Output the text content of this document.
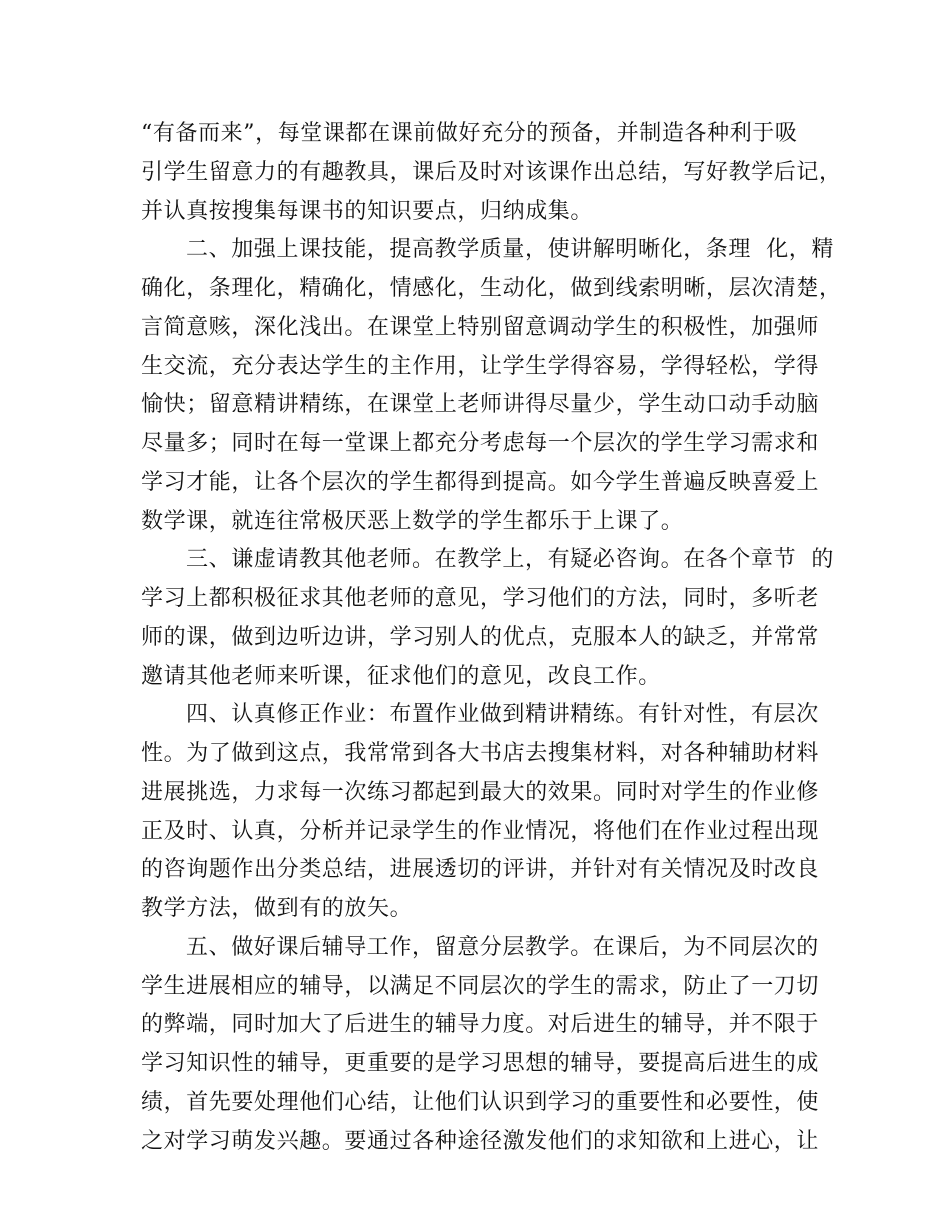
“有备而来”，每堂课都在课前做好充分的预备，并制造各种利于吸
引学生留意力的有趣教具，课后及时对该课作出总结，写好教学后记，
并认真按搜集每课书的知识要点，归纳成集。
二、加强上课技能，提高教学质量，使讲解明晰化，条理  化，精
确化，条理化，精确化，情感化，生动化，做到线索明晰，层次清楚，
言简意赅，深化浅出。在课堂上特别留意调动学生的积极性，加强师
生交流，充分表达学生的主作用，让学生学得容易，学得轻松，学得
愉快；留意精讲精练，在课堂上老师讲得尽量少，学生动口动手动脑
尽量多；同时在每一堂课上都充分考虑每一个层次的学生学习需求和
学习才能，让各个层次的学生都得到提高。如今学生普遍反映喜爱上
数学课，就连往常极厌恶上数学的学生都乐于上课了。
三、谦虚请教其他老师。在教学上，有疑必咨询。在各个章节  的
学习上都积极征求其他老师的意见，学习他们的方法，同时，多听老
师的课，做到边听边讲，学习别人的优点，克服本人的缺乏，并常常
邀请其他老师来听课，征求他们的意见，改良工作。
四、认真修正作业：布置作业做到精讲精练。有针对性，有层次
性。为了做到这点，我常常到各大书店去搜集材料，对各种辅助材料
进展挑选，力求每一次练习都起到最大的效果。同时对学生的作业修
正及时、认真，分析并记录学生的作业情况，将他们在作业过程出现
的咨询题作出分类总结，进展透切的评讲，并针对有关情况及时改良
教学方法，做到有的放矢。
五、做好课后辅导工作，留意分层教学。在课后，为不同层次的
学生进展相应的辅导，以满足不同层次的学生的需求，防止了一刀切
的弊端，同时加大了后进生的辅导力度。对后进生的辅导，并不限于
学习知识性的辅导，更重要的是学习思想的辅导，要提高后进生的成
绩，首先要处理他们心结，让他们认识到学习的重要性和必要性，使
之对学习萌发兴趣。要通过各种途径激发他们的求知欲和上进心，让
